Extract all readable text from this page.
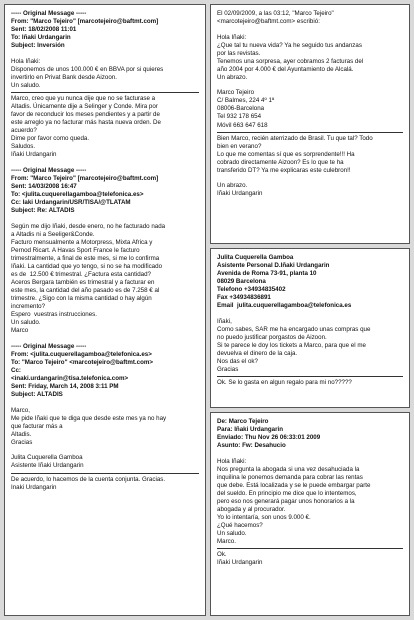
----- Original Message -----
From: "Marco Tejeiro" [marcotejeiro@baftmt.com]
Sent: 18/02/2008 11:01
To: Iñaki Urdangarin
Subject: Inversión
Hola Iñaki:
Disponemos de unos 100.000 € en BBVA por si quieres
invertirlo en Privat Bank desde Aizoon.
Un saludo.
Marco, creo que yu nunca dije que no se facturase a
Altadis. Únicamente dije a Selinger y Conde. Mira por
favor de reconducir los meses pendientes y a partir de
este arreglo ya no facturar más hasta nueva orden. De
acuerdo?
Dime por favor como queda.
Saludos.
Iñaki Urdangarin
----- Original Message -----
From: "Marco Tejeiro" [marcotejeiro@baftmt.com]
Sent: 14/03/2008 16:47
To: <julita.cuquerellagamboa@telefonica.es>
Cc: Iaki Urdangarin/USR/TISA/@TLATAM
Subject: Re: ALTADIS
Según me dijo Iñaki, desde enero, no he facturado nada
a Altadis ni a Seeliger&Conde.
Facturo mensualmente a Motorpress, Mixta Africa y
Pernod Ricart. A Havas Sport France le facturo
trimestralmente, a final de este mes, si me lo confirma
Iñaki. La cantidad que yo tengo, si no se ha modificado
es de  12.500 € trimestral. ¿Factura esta cantidad?
Aceros Bergara también es trimestral y a facturar en
este mes, la cantidad del año pasado es de 7.258 € al
trimestre. ¿Sigo con la misma cantidad o hay algún
incremento?
Espero  vuestras instrucciones.
Un saludo.
Marco
----- Original Message -----
From: <julita.cuquerellagamboa@telefonica.es>
To: "Marco Tejeiro" <marcotejeiro@baftmt.com>
Cc:
<inaki.urdangarin@tisa.telefonica.com>
Sent: Friday, March 14, 2008 3:11 PM
Subject: ALTADIS
Marco,
Me pide Iñaki que te diga que desde este mes ya no hay
que facturar más a
Altadis.
Gracias
Julita Cuquerella Gamboa
Asistente Iñaki Urdangarin
De acuerdo, lo hacemos de la cuenta conjunta. Gracias.
Inaki Urdangarin
El 02/09/2009, a las 03:12, "Marco Tejeiro"
<marcotejeiro@baftmt.com> escribió:
Hola Iñaki:
¿Que tal tu nueva vida? Ya he seguido tus andanzas
por las revistas.
Tenemos una sorpresa, ayer cobramos 2 facturas del
año 2004 por 4.000 € del Ayuntamiento de Alcalá.
Un abrazo.
Marco Tejeiro
C/ Balmes, 224 4º 1ª
08006-Barcelona
Tel 932 178 654
Móvil 663 647 618
Bien Marco, recién aterrizado de Brasil. Tu que tal? Todo
bien en verano?
Lo que me comentas sí que es sorprendente!!! Ha
cobrado directamente Aizoon? Es lo que te ha
transferido DT? Ya me explicaras este culebron!!
Un abrazo.
Iñaki Urdangarin
Julita Cuquerella Gamboa
Asistente Personal D.Iñaki Urdangarin
Avenida de Roma 73-91, planta 10
08029 Barcelona
Telefono +34934835402
Fax +34934836891
Email  julita.cuquerellagamboa@telefonica.es
Iñaki,
Como sabes, SAR me ha encargado unas compras que
no puedo justificar porgastos de Aizoon.
Si te parece le doy los tickets a Marco, para que el me
devuelva el dinero de la caja.
Nos das el ok?
Gracias
Ok. Se lo gasta en algun regalo para mi no?????
De: Marco Tejeiro
Para: Iñaki Urdangarin
Enviado: Thu Nov 26 06:33:01 2009
Asunto: Fw: Desahucio
Hola Iñaki:
Nos pregunta la abogada si una vez desahuciada la
inquilina le ponemos demanda para cobrar las rentas
que debe. Está localizada y se le puede embargar parte
del sueldo. En principio me dice que lo intentemos,
pero eso nos generará pagar unos honorarios a la
abogada y al procurador.
Yo lo intentaría, son unos 9.000 €.
¿Qué hacemos?
Un saludo.
Marco.
Ok.
Iñaki Urdangarin
